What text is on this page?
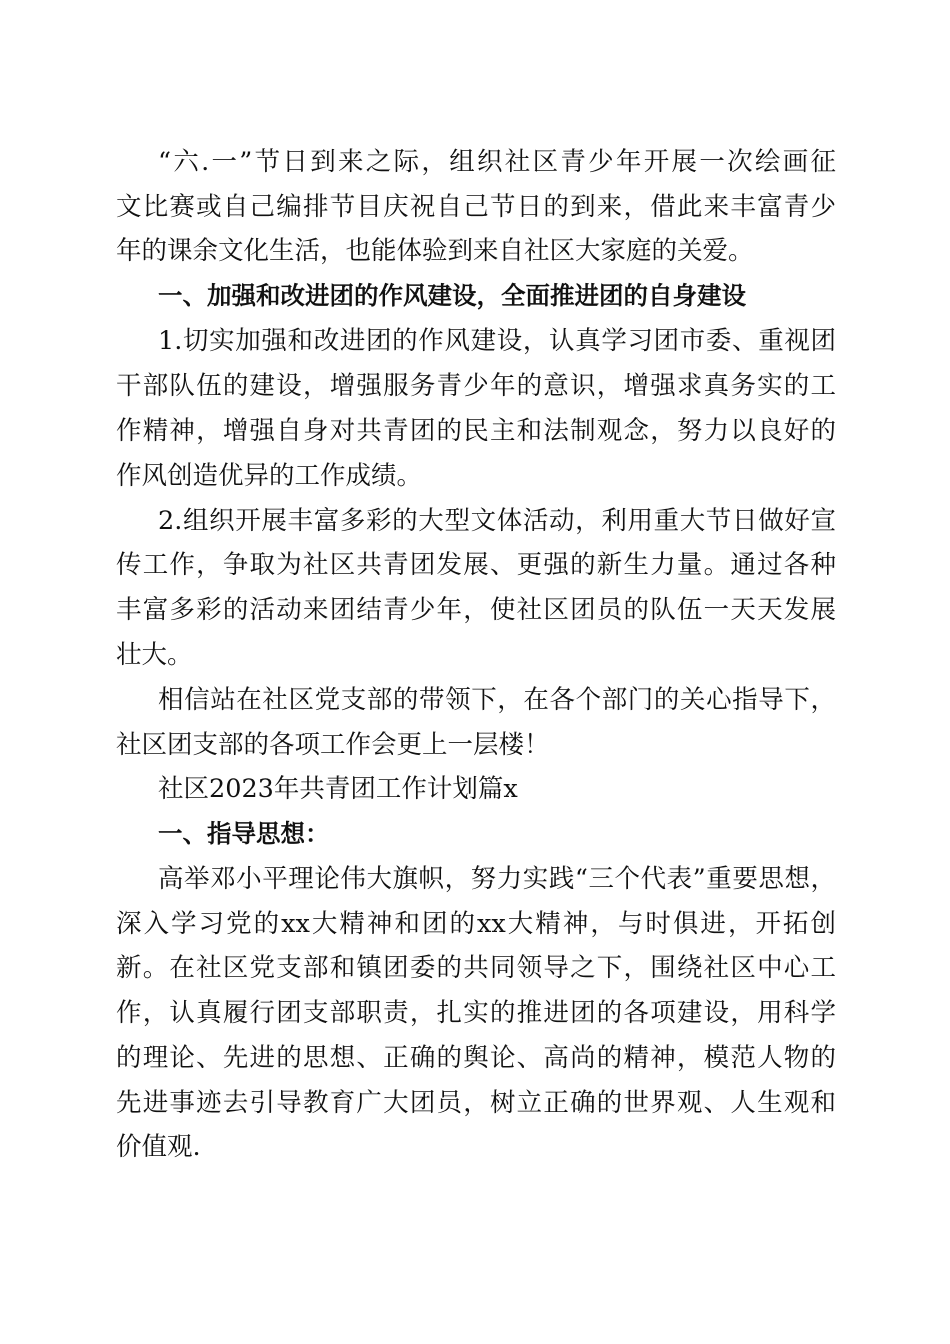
“六.一”节日到来之际，组织社区青少年开展一次绘画征
文比赛或自己编排节目庆祝自己节日的到来，借此来丰富青少
年的课余文化生活，也能体验到来自社区大家庭的关爱。
一、加强和改进团的作风建设，全面推进团的自身建设
1.切实加强和改进团的作风建设，认真学习团市委、重视团
干部队伍的建设，增强服务青少年的意识，增强求真务实的工
作精神，增强自身对共青团的民主和法制观念，努力以良好的
作风创造优异的工作成绩。
2.组织开展丰富多彩的大型文体活动，利用重大节日做好宣
传工作，争取为社区共青团发展、更强的新生力量。通过各种
丰富多彩的活动来团结青少年，使社区团员的队伍一天天发展
壮大。
相信站在社区党支部的带领下，在各个部门的关心指导下，
社区团支部的各项工作会更上一层楼！
社区2023年共青团工作计划篇x
一、指导思想：
高举邓小平理论伟大旗帜，努力实践“三个代表”重要思想，
深入学习党的xx大精神和团的xx大精神，与时俱进，开拓创
新。在社区党支部和镇团委的共同领导之下，围绕社区中心工
作，认真履行团支部职责，扎实的推进团的各项建设，用科学
的理论、先进的思想、正确的舆论、高尚的精神，模范人物的
先进事迹去引导教育广大团员，树立正确的世界观、人生观和
价值观.
